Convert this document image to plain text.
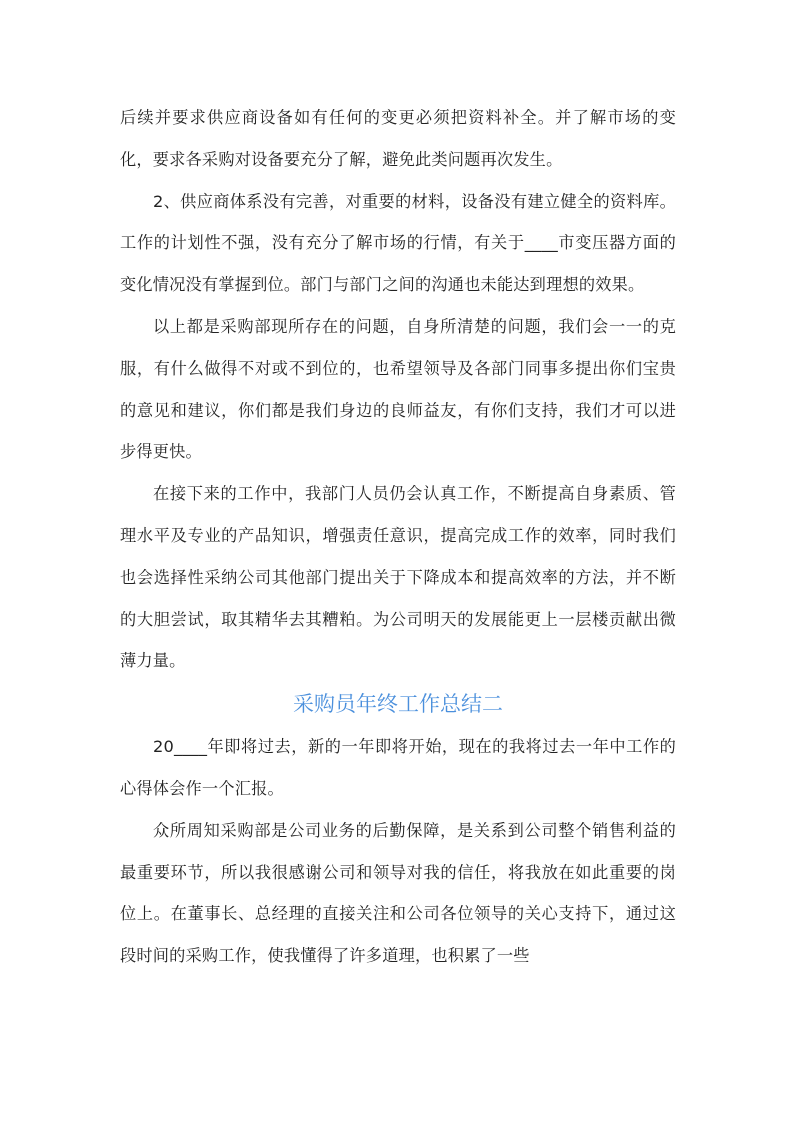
后续并要求供应商设备如有任何的变更必须把资料补全。并了解市场的变化，要求各采购对设备要充分了解，避免此类问题再次发生。

2、供应商体系没有完善，对重要的材料，设备没有建立健全的资料库。工作的计划性不强，没有充分了解市场的行情，有关于____市变压器方面的变化情况没有掌握到位。部门与部门之间的沟通也未能达到理想的效果。

以上都是采购部现所存在的问题，自身所清楚的问题，我们会一一的克服，有什么做得不对或不到位的，也希望领导及各部门同事多提出你们宝贵的意见和建议，你们都是我们身边的良师益友，有你们支持，我们才可以进步得更快。

在接下来的工作中，我部门人员仍会认真工作，不断提高自身素质、管理水平及专业的产品知识，增强责任意识，提高完成工作的效率，同时我们也会选择性采纳公司其他部门提出关于下降成本和提高效率的方法，并不断的大胆尝试，取其精华去其糟粕。为公司明天的发展能更上一层楼贡献出微薄力量。

采购员年终工作总结二

20____年即将过去，新的一年即将开始，现在的我将过去一年中工作的心得体会作一个汇报。

众所周知采购部是公司业务的后勤保障，是关系到公司整个销售利益的最重要环节，所以我很感谢公司和领导对我的信任，将我放在如此重要的岗位上。在董事长、总经理的直接关注和公司各位领导的关心支持下，通过这段时间的采购工作，使我懂得了许多道理，也积累了一些
